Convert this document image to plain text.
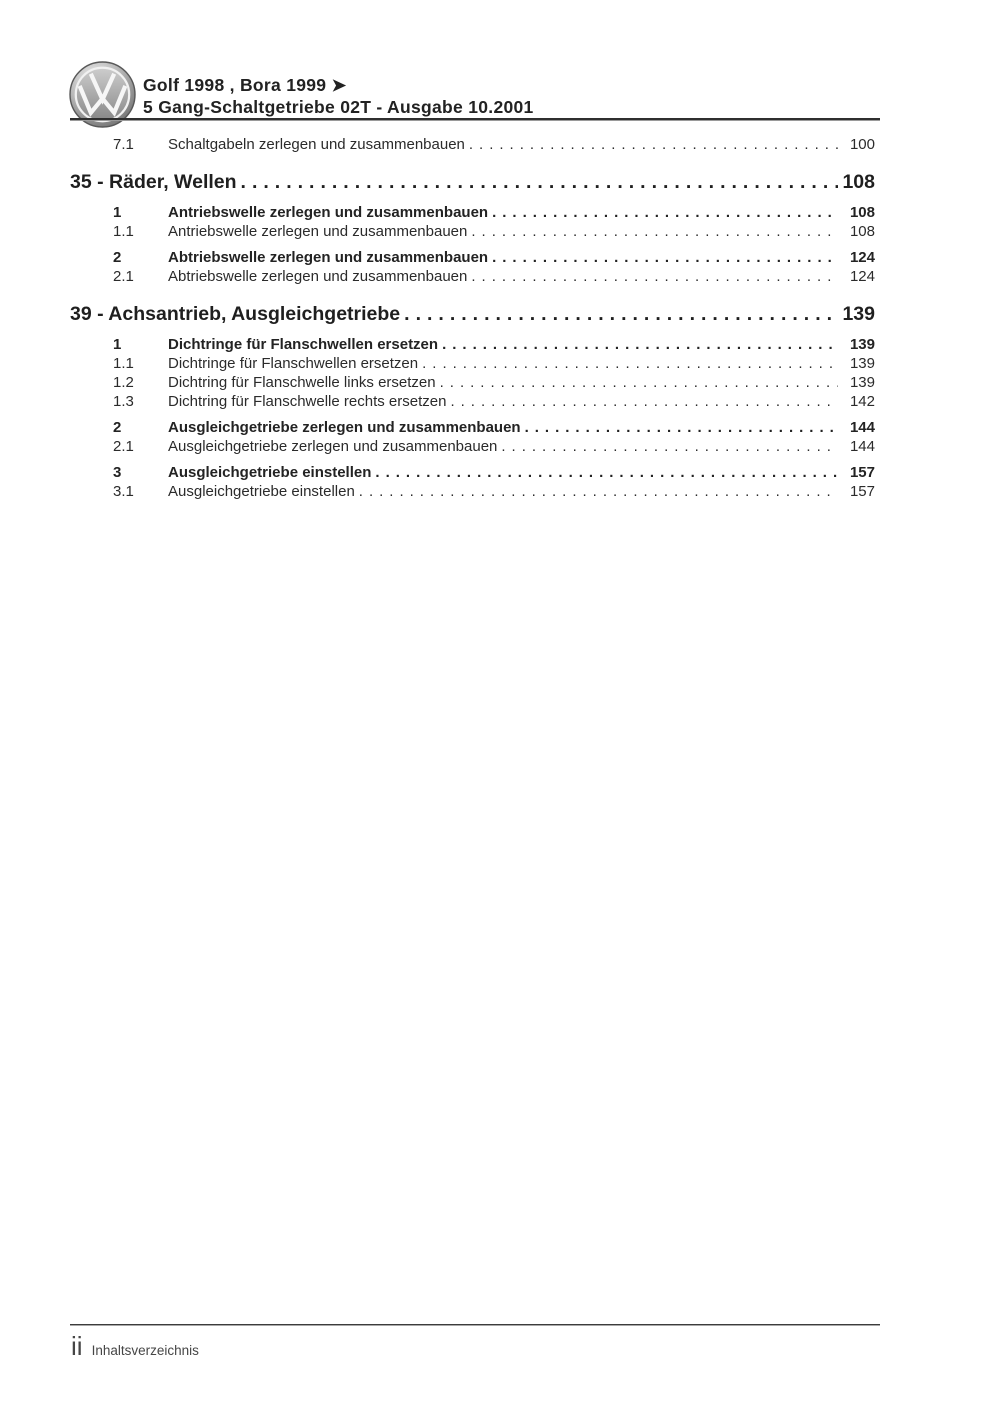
Golf 1998 , Bora 1999 ➤
5 Gang-Schaltgetriebe 02T - Ausgabe 10.2001
7.1	Schaltgabeln zerlegen und zusammenbauen .....	100
35 - Räder, Wellen .....	108
1	Antriebswelle zerlegen und zusammenbauen .....	108
1.1	Antriebswelle zerlegen und zusammenbauen .....	108
2	Abtriebswelle zerlegen und zusammenbauen .....	124
2.1	Abtriebswelle zerlegen und zusammenbauen .....	124
39 - Achsantrieb, Ausgleichgetriebe .....	139
1	Dichtringe für Flanschwellen ersetzen .....	139
1.1	Dichtringe für Flanschwellen ersetzen .....	139
1.2	Dichtring für Flanschwelle links ersetzen .....	139
1.3	Dichtring für Flanschwelle rechts ersetzen .....	142
2	Ausgleichgetriebe zerlegen und zusammenbauen .....	144
2.1	Ausgleichgetriebe zerlegen und zusammenbauen .....	144
3	Ausgleichgetriebe einstellen .....	157
3.1	Ausgleichgetriebe einstellen .....	157
ii Inhaltsverzeichnis
